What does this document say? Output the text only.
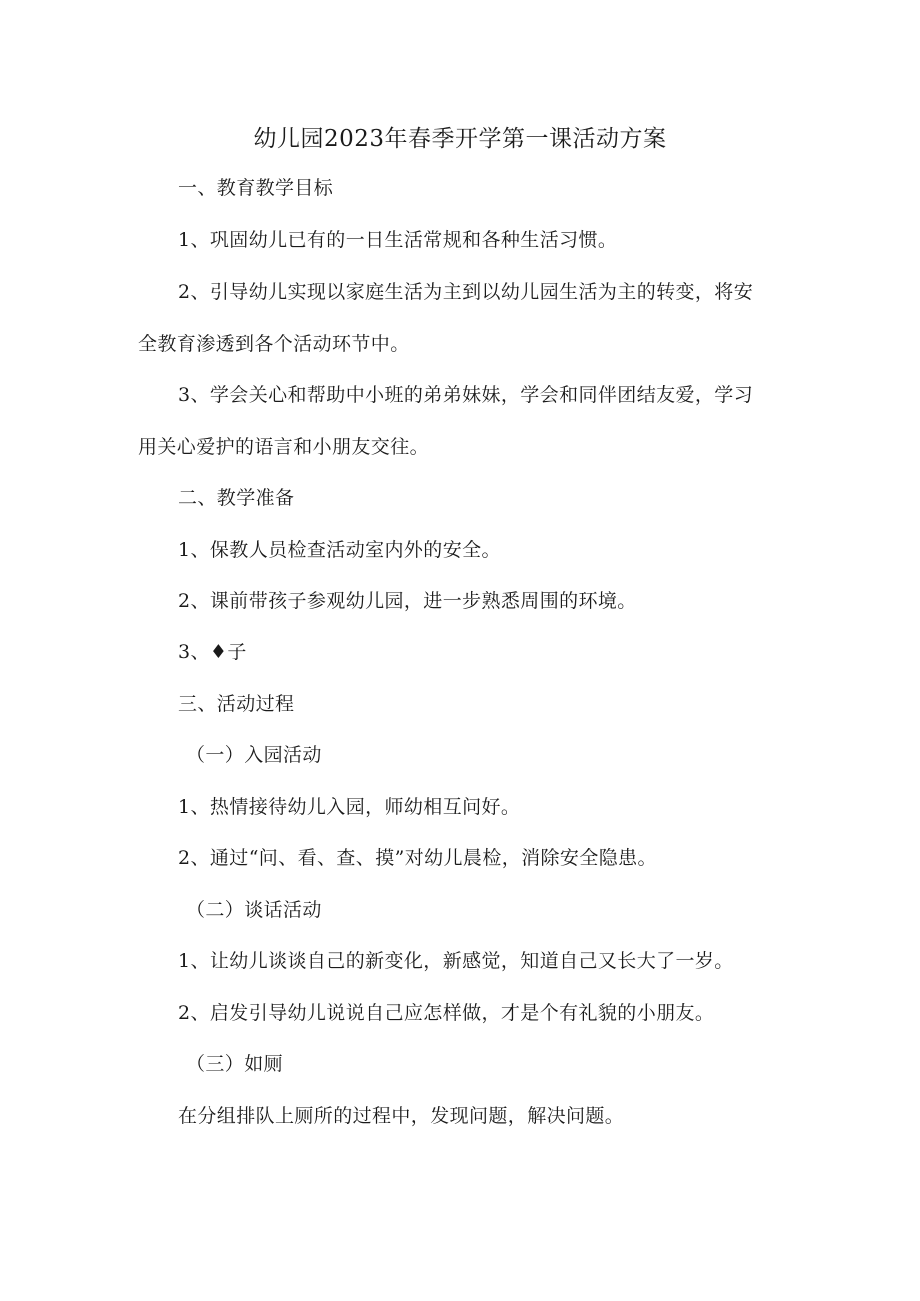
幼儿园2023年春季开学第一课活动方案
一、教育教学目标
1、巩固幼儿已有的一日生活常规和各种生活习惯。
2、引导幼儿实现以家庭生活为主到以幼儿园生活为主的转变，将安
全教育渗透到各个活动环节中。
3、学会关心和帮助中小班的弟弟妹妹，学会和同伴团结友爱，学习
用关心爱护的语言和小朋友交往。
二、教学准备
1、保教人员检查活动室内外的安全。
2、课前带孩子参观幼儿园，进一步熟悉周围的环境。
3、♦子
三、活动过程
（一）入园活动
1、热情接待幼儿入园，师幼相互问好。
2、通过“问、看、查、摸”对幼儿晨检，消除安全隐患。
（二）谈话活动
1、让幼儿谈谈自己的新变化，新感觉，知道自己又长大了一岁。
2、启发引导幼儿说说自己应怎样做，才是个有礼貌的小朋友。
（三）如厕
在分组排队上厕所的过程中，发现问题，解决问题。
